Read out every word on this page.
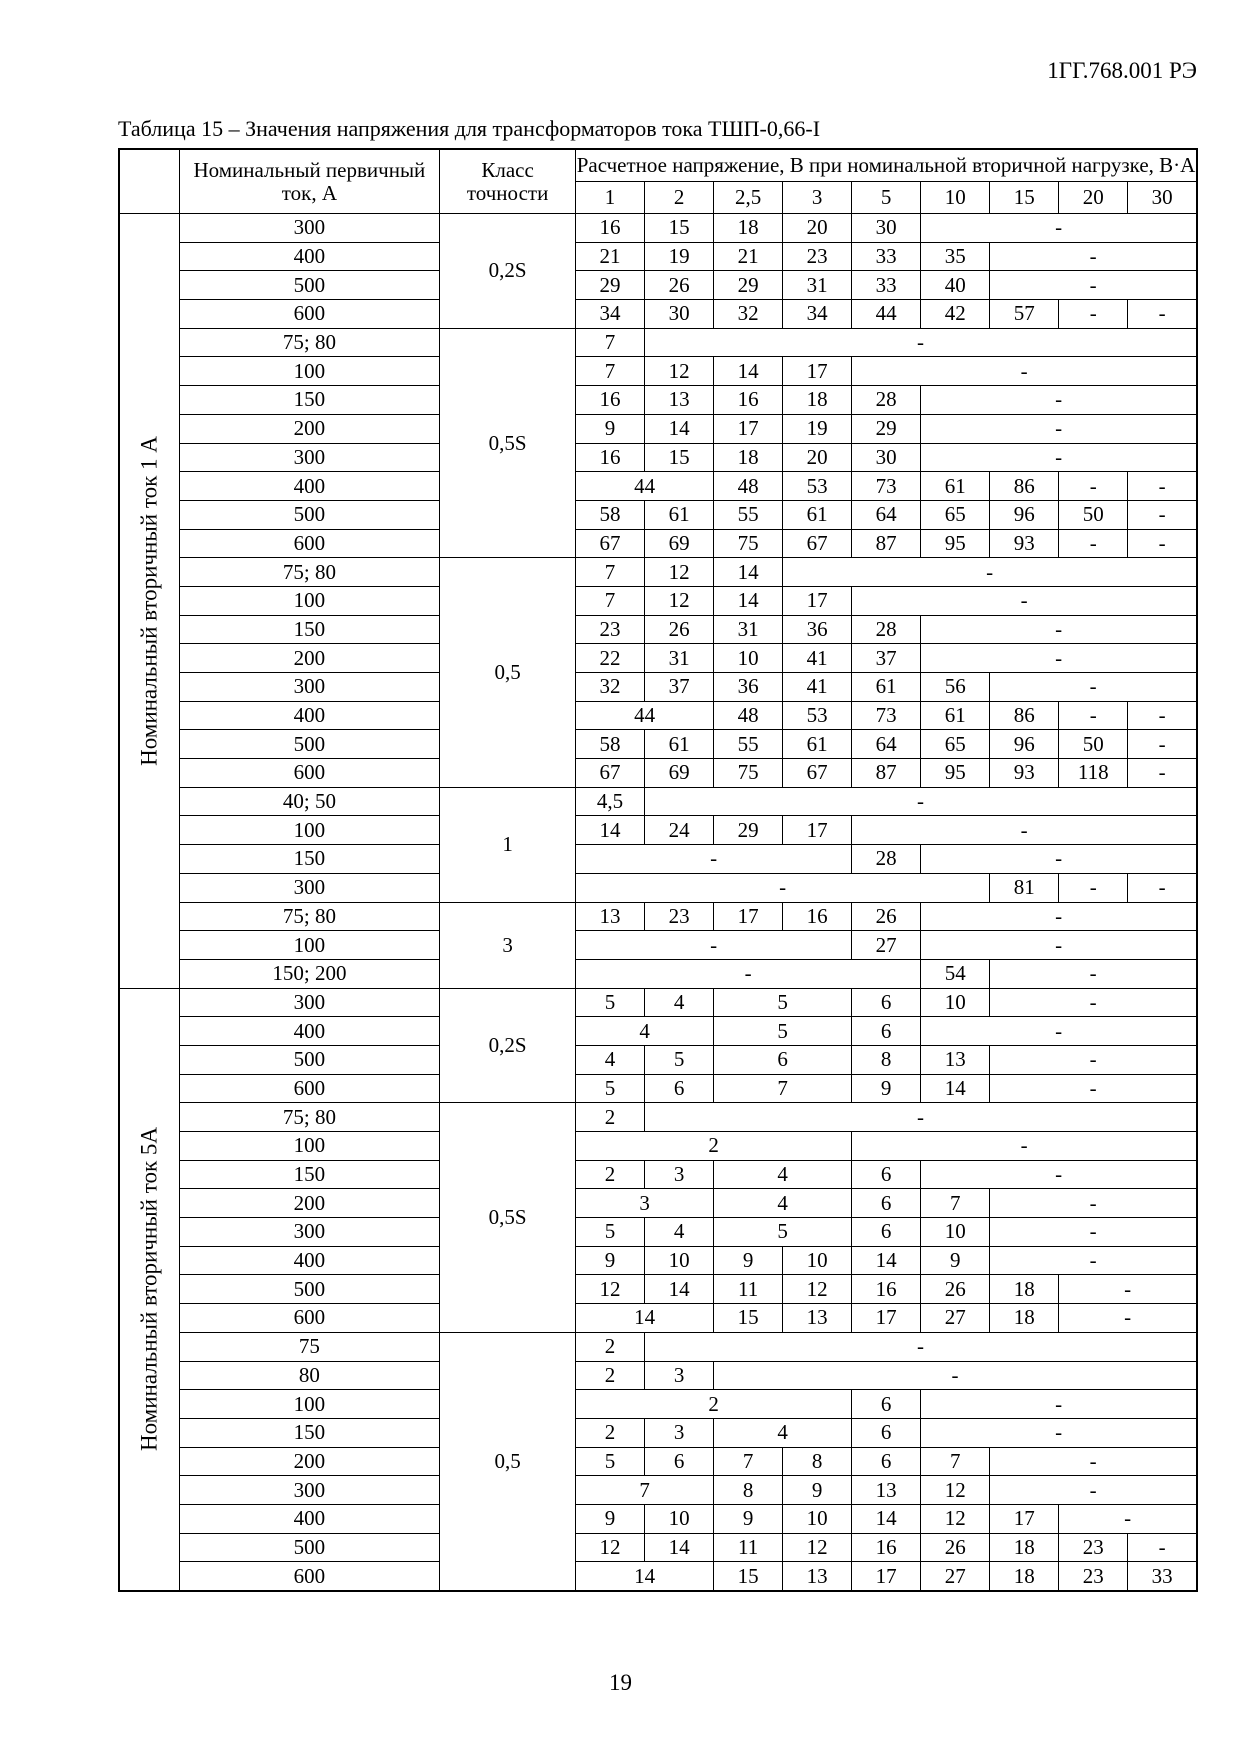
1ГГ.768.001 РЭ
Таблица 15 – Значения напряжения для трансформаторов тока ТШП-0,66-I
	Номинальный первичный ток, А	Класс точности	Расчетное напряжение, В при номинальной вторичной нагрузке, В·А								

			1	2	2,5	3	5	10	15	20	30

Номинальный вторичный ток 1 А	300	0,2S	16	15	18	20	30	-			
	400		21	19	21	23	33	35	-		
	500		29	26	29	31	33	40	-		
	600		34	30	32	34	44	42	57	-	-
	75; 80	0,5S	7	-							
	100		7	12	14	17	-				
	150		16	13	16	18	28	-			
	200		9	14	17	19	29	-			
	300		16	15	18	20	30	-			
	400		44		48	53	73	61	86	-	-
	500		58	61	55	61	64	65	96	50	-
	600		67	69	75	67	87	95	93	-	-
	75; 80	0,5	7	12	14	-					
	100		7	12	14	17	-				
	150		23	26	31	36	28	-			
	200		22	31	10	41	37	-			
	300		32	37	36	41	61	56	-		
	400		44		48	53	73	61	86	-	-
	500		58	61	55	61	64	65	96	50	-
	600		67	69	75	67	87	95	93	118	-
	40; 50	1	4,5	-							
	100		14	24	29	17	-				
	150		-				28	-			
	300		-						81	-	-
	75; 80	3	13	23	17	16	26	-			
	100		-				27	-			
	150; 200		-					54	-		

Номинальный вторичный ток 5А	300	0,2S	5	4	5		6	10	-		
	400		4		5		6	-			
	500		4	5	6		8	13	-		
	600		5	6	7		9	14	-		
	75; 80	0,5S	2	-							
	100		2				-				
	150		2	3	4		6	-			
	200		3		4		6	7	-		
	300		5	4	5		6	10	-		
	400		9	10	9	10	14	9	-		
	500		12	14	11	12	16	26	18	-	
	600		14		15	13	17	27	18	-	
	75	0,5	2	-							
	80		2	3	-						
	100		2				6	-			
	150		2	3	4		6	-			
	200		5	6	7	8	6	7	-		
	300		7		8	9	13	12	-		
	400		9	10	9	10	14	12	17	-	
	500		12	14	11	12	16	26	18	23	-
	600		14		15	13	17	27	18	23	33
19
